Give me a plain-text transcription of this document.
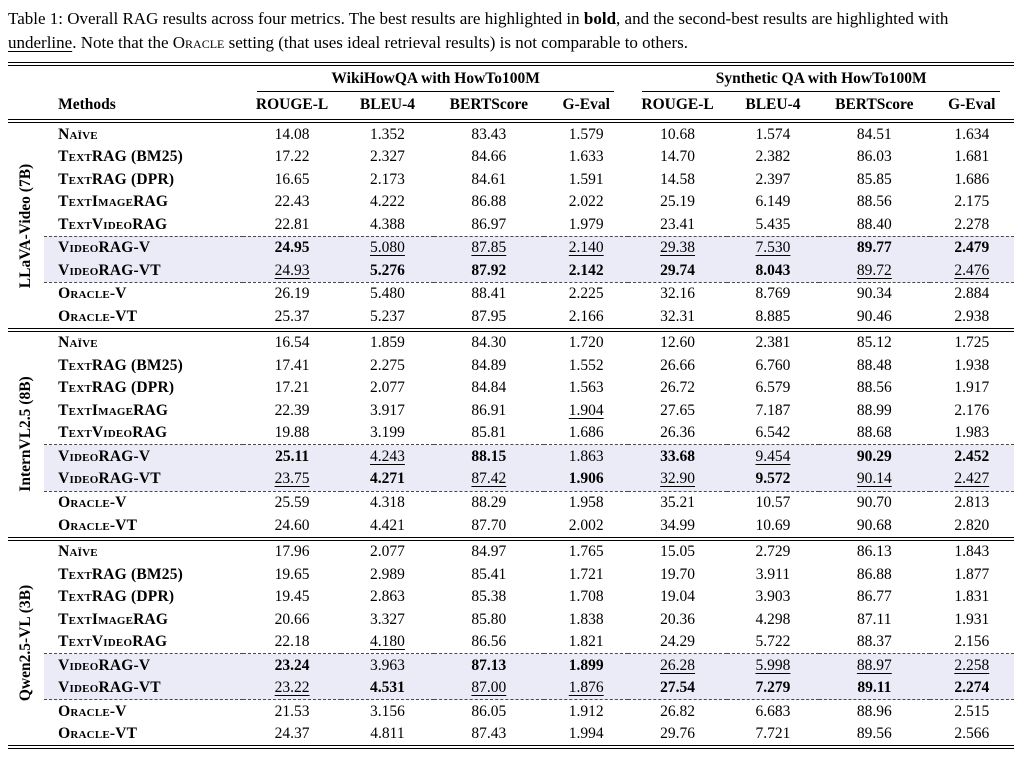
Table 1: Overall RAG results across four metrics. The best results are highlighted in bold, and the second-best results are highlighted with underline. Note that the Oracle setting (that uses ideal retrieval results) is not comparable to others.

		WikiHowQA with HowTo100M				Synthetic QA with HowTo100M			

	Methods	ROUGE-L	BLEU-4	BERTScore	G-Eval	ROUGE-L	BLEU-4	BERTScore	G-Eval

LLaVA-Video (7B)	Naïve	14.08	1.352	83.43	1.579	10.68	1.574	84.51	1.634
	TextRAG (BM25)	17.22	2.327	84.66	1.633	14.70	2.382	86.03	1.681
	TextRAG (DPR)	16.65	2.173	84.61	1.591	14.58	2.397	85.85	1.686
	TextImageRAG	22.43	4.222	86.88	2.022	25.19	6.149	88.56	2.175
	TextVideoRAG	22.81	4.388	86.97	1.979	23.41	5.435	88.40	2.278
	VideoRAG-V	24.95	5.080	87.85	2.140	29.38	7.530	89.77	2.479
	VideoRAG-VT	24.93	5.276	87.92	2.142	29.74	8.043	89.72	2.476
	Oracle-V	26.19	5.480	88.41	2.225	32.16	8.769	90.34	2.884
	Oracle-VT	25.37	5.237	87.95	2.166	32.31	8.885	90.46	2.938

InternVL2.5 (8B)	Naïve	16.54	1.859	84.30	1.720	12.60	2.381	85.12	1.725
	TextRAG (BM25)	17.41	2.275	84.89	1.552	26.66	6.760	88.48	1.938
	TextRAG (DPR)	17.21	2.077	84.84	1.563	26.72	6.579	88.56	1.917
	TextImageRAG	22.39	3.917	86.91	1.904	27.65	7.187	88.99	2.176
	TextVideoRAG	19.88	3.199	85.81	1.686	26.36	6.542	88.68	1.983
	VideoRAG-V	25.11	4.243	88.15	1.863	33.68	9.454	90.29	2.452
	VideoRAG-VT	23.75	4.271	87.42	1.906	32.90	9.572	90.14	2.427
	Oracle-V	25.59	4.318	88.29	1.958	35.21	10.57	90.70	2.813
	Oracle-VT	24.60	4.421	87.70	2.002	34.99	10.69	90.68	2.820

Qwen2.5-VL (3B)	Naïve	17.96	2.077	84.97	1.765	15.05	2.729	86.13	1.843
	TextRAG (BM25)	19.65	2.989	85.41	1.721	19.70	3.911	86.88	1.877
	TextRAG (DPR)	19.45	2.863	85.38	1.708	19.04	3.903	86.77	1.831
	TextImageRAG	20.66	3.327	85.80	1.838	20.36	4.298	87.11	1.931
	TextVideoRAG	22.18	4.180	86.56	1.821	24.29	5.722	88.37	2.156
	VideoRAG-V	23.24	3.963	87.13	1.899	26.28	5.998	88.97	2.258
	VideoRAG-VT	23.22	4.531	87.00	1.876	27.54	7.279	89.11	2.274
	Oracle-V	21.53	3.156	86.05	1.912	26.82	6.683	88.96	2.515
	Oracle-VT	24.37	4.811	87.43	1.994	29.76	7.721	89.56	2.566
